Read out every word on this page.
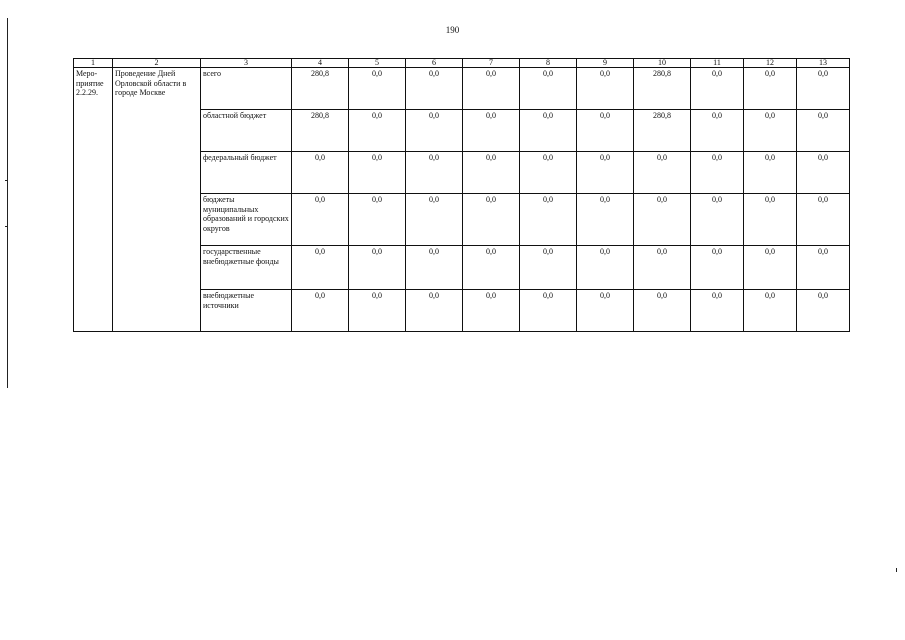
190
1	2	3	4	5	6	7	8	9	10	11	12	13
Меро-приятие 2.2.29.	Проведение Дней Орловской области в городе Москве	всего	280,8	0,0	0,0	0,0	0,0	0,0	280,8	0,0	0,0	0,0
		областной бюджет	280,8	0,0	0,0	0,0	0,0	0,0	280,8	0,0	0,0	0,0
		федеральный бюджет	0,0	0,0	0,0	0,0	0,0	0,0	0,0	0,0	0,0	0,0
		бюджеты муниципальных образований и городских округов	0,0	0,0	0,0	0,0	0,0	0,0	0,0	0,0	0,0	0,0
		государственные внебюджетные фонды	0,0	0,0	0,0	0,0	0,0	0,0	0,0	0,0	0,0	0,0
		внебюджетные источники	0,0	0,0	0,0	0,0	0,0	0,0	0,0	0,0	0,0	0,0
